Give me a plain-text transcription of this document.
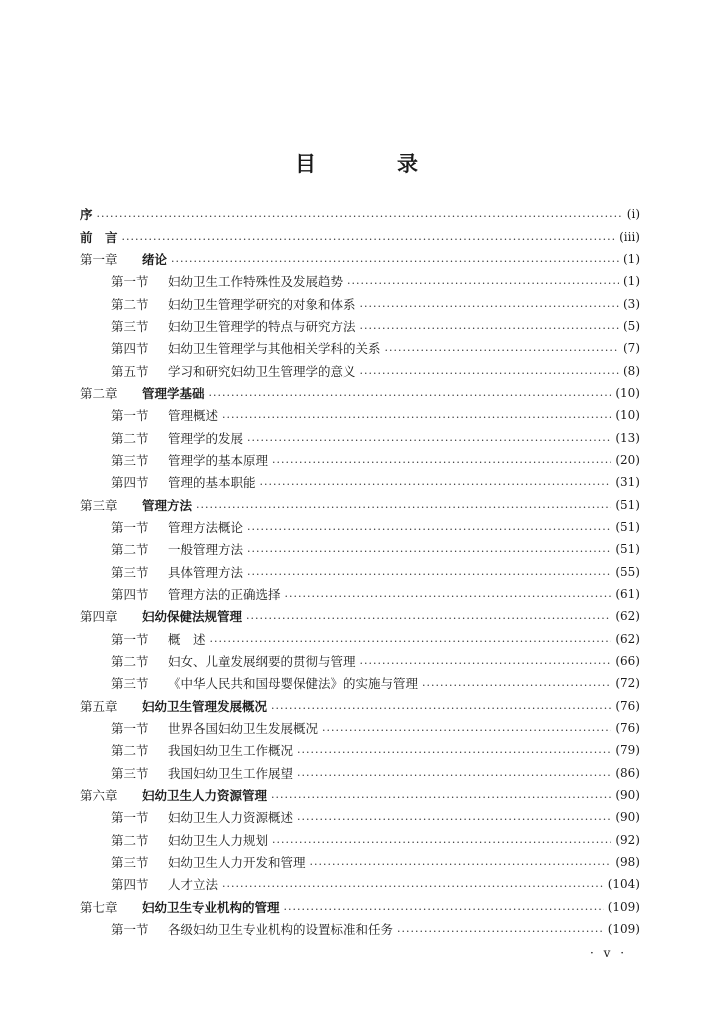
目　录
序 ·····	(i)
前　言 ·····	(iii)
第一章	绪论 ·····	(1)
第一节	妇幼卫生工作特殊性及发展趋势 ·····	(1)
第二节	妇幼卫生管理学研究的对象和体系 ·····	(3)
第三节	妇幼卫生管理学的特点与研究方法 ·····	(5)
第四节	妇幼卫生管理学与其他相关学科的关系 ·····	(7)
第五节	学习和研究妇幼卫生管理学的意义 ·····	(8)
第二章	管理学基础 ·····	(10)
第一节	管理概述 ·····	(10)
第二节	管理学的发展 ·····	(13)
第三节	管理学的基本原理 ·····	(20)
第四节	管理的基本职能 ·····	(31)
第三章	管理方法 ·····	(51)
第一节	管理方法概论 ·····	(51)
第二节	一般管理方法 ·····	(51)
第三节	具体管理方法 ·····	(55)
第四节	管理方法的正确选择 ·····	(61)
第四章	妇幼保健法规管理 ·····	(62)
第一节	概　述 ·····	(62)
第二节	妇女、儿童发展纲要的贯彻与管理 ·····	(66)
第三节	《中华人民共和国母婴保健法》的实施与管理 ·····	(72)
第五章	妇幼卫生管理发展概况 ·····	(76)
第一节	世界各国妇幼卫生发展概况 ·····	(76)
第二节	我国妇幼卫生工作概况 ·····	(79)
第三节	我国妇幼卫生工作展望 ·····	(86)
第六章	妇幼卫生人力资源管理 ·····	(90)
第一节	妇幼卫生人力资源概述 ·····	(90)
第二节	妇幼卫生人力规划 ·····	(92)
第三节	妇幼卫生人力开发和管理 ·····	(98)
第四节	人才立法 ·····	(104)
第七章	妇幼卫生专业机构的管理 ·····	(109)
第一节	各级妇幼卫生专业机构的设置标准和任务 ·····	(109)
· v ·
